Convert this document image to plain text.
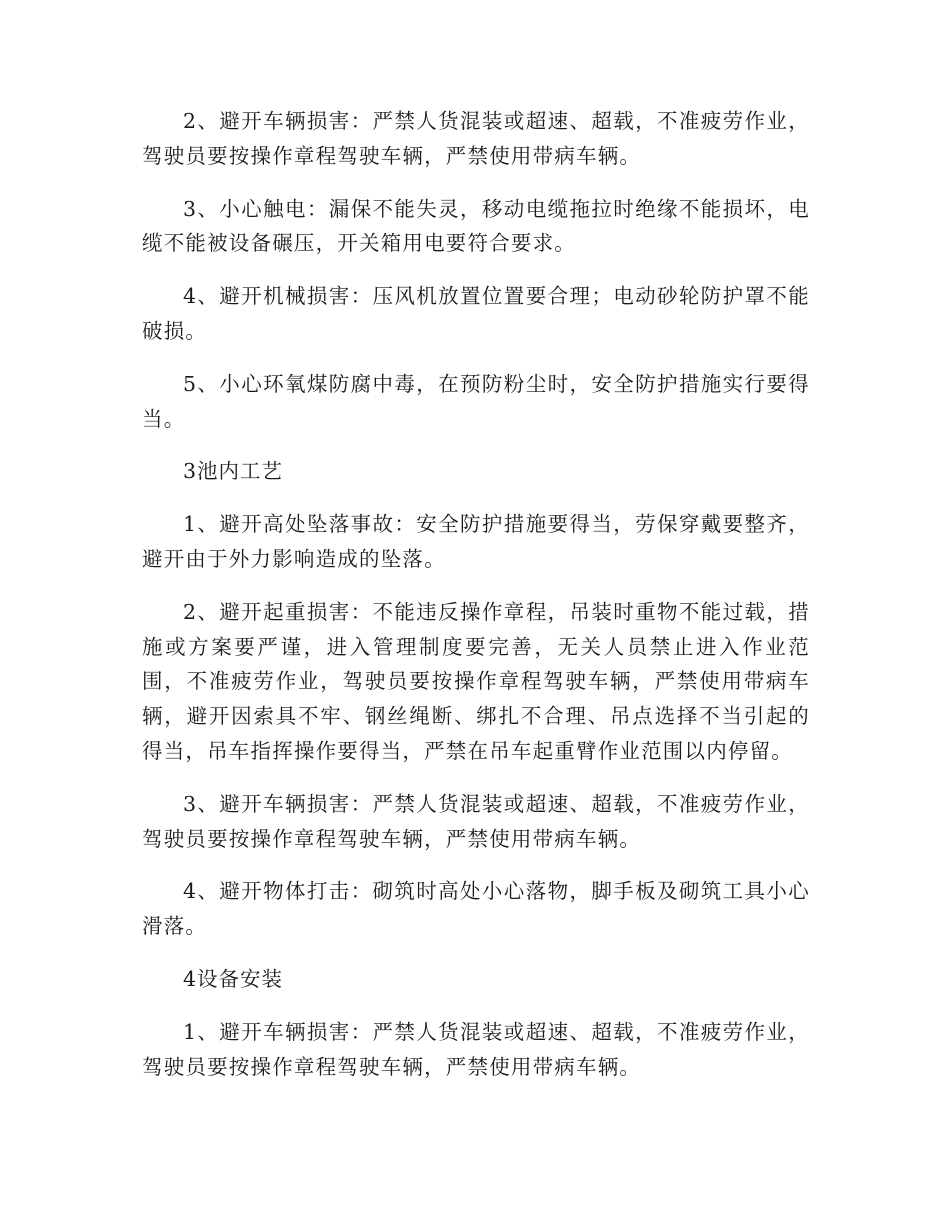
2、避开车辆损害：严禁人货混装或超速、超载，不准疲劳作业，驾驶员要按操作章程驾驶车辆，严禁使用带病车辆。

3、小心触电：漏保不能失灵，移动电缆拖拉时绝缘不能损坏，电缆不能被设备碾压，开关箱用电要符合要求。

4、避开机械损害：压风机放置位置要合理；电动砂轮防护罩不能破损。

5、小心环氧煤防腐中毒，在预防粉尘时，安全防护措施实行要得当。

3池内工艺

1、避开高处坠落事故：安全防护措施要得当，劳保穿戴要整齐，避开由于外力影响造成的坠落。

2、避开起重损害：不能违反操作章程，吊装时重物不能过载，措施或方案要严谨，进入管理制度要完善，无关人员禁止进入作业范围，不准疲劳作业，驾驶员要按操作章程驾驶车辆，严禁使用带病车辆，避开因索具不牢、钢丝绳断、绑扎不合理、吊点选择不当引起的得当，吊车指挥操作要得当，严禁在吊车起重臂作业范围以内停留。

3、避开车辆损害：严禁人货混装或超速、超载，不准疲劳作业，驾驶员要按操作章程驾驶车辆，严禁使用带病车辆。

4、避开物体打击：砌筑时高处小心落物，脚手板及砌筑工具小心滑落。

4设备安装

1、避开车辆损害：严禁人货混装或超速、超载，不准疲劳作业，驾驶员要按操作章程驾驶车辆，严禁使用带病车辆。
